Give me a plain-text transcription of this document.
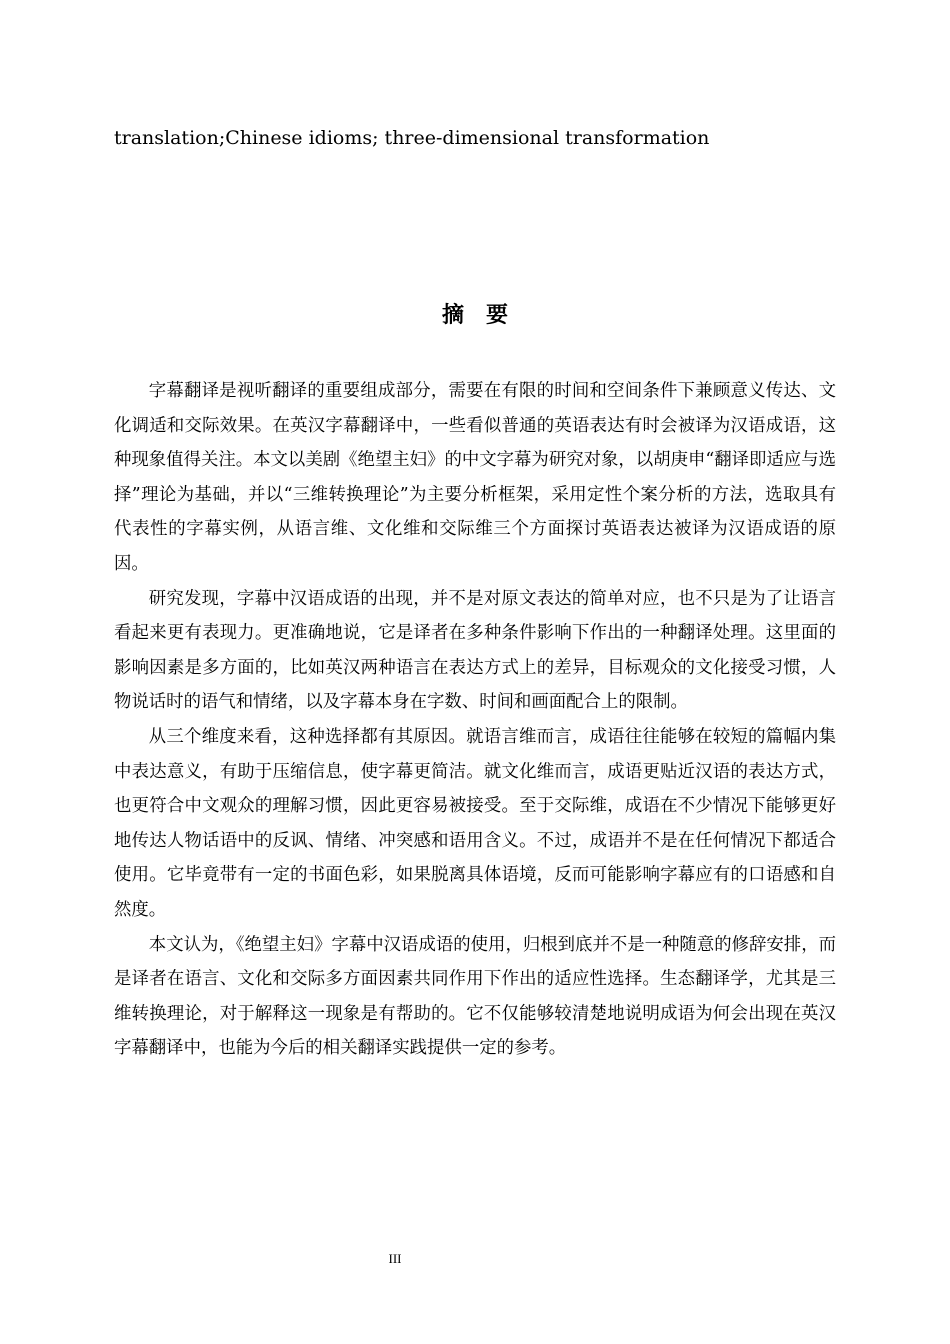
translation;Chinese idioms; three-dimensional transformation
摘要

字幕翻译是视听翻译的重要组成部分，需要在有限的时间和空间条件下兼顾意义传达、文化调适和交际效果。在英汉字幕翻译中，一些看似普通的英语表达有时会被译为汉语成语，这种现象值得关注。本文以美剧《绝望主妇》的中文字幕为研究对象，以胡庚申“翻译即适应与选择”理论为基础，并以“三维转换理论”为主要分析框架，采用定性个案分析的方法，选取具有代表性的字幕实例，从语言维、文化维和交际维三个方面探讨英语表达被译为汉语成语的原因。

研究发现，字幕中汉语成语的出现，并不是对原文表达的简单对应，也不只是为了让语言看起来更有表现力。更准确地说，它是译者在多种条件影响下作出的一种翻译处理。这里面的影响因素是多方面的，比如英汉两种语言在表达方式上的差异，目标观众的文化接受习惯，人物说话时的语气和情绪，以及字幕本身在字数、时间和画面配合上的限制。

从三个维度来看，这种选择都有其原因。就语言维而言，成语往往能够在较短的篇幅内集中表达意义，有助于压缩信息，使字幕更简洁。就文化维而言，成语更贴近汉语的表达方式，也更符合中文观众的理解习惯，因此更容易被接受。至于交际维，成语在不少情况下能够更好地传达人物话语中的反讽、情绪、冲突感和语用含义。不过，成语并不是在任何情况下都适合使用。它毕竟带有一定的书面色彩，如果脱离具体语境，反而可能影响字幕应有的口语感和自然度。

本文认为，《绝望主妇》字幕中汉语成语的使用，归根到底并不是一种随意的修辞安排，而是译者在语言、文化和交际多方面因素共同作用下作出的适应性选择。生态翻译学，尤其是三维转换理论，对于解释这一现象是有帮助的。它不仅能够较清楚地说明成语为何会出现在英汉字幕翻译中，也能为今后的相关翻译实践提供一定的参考。

III
